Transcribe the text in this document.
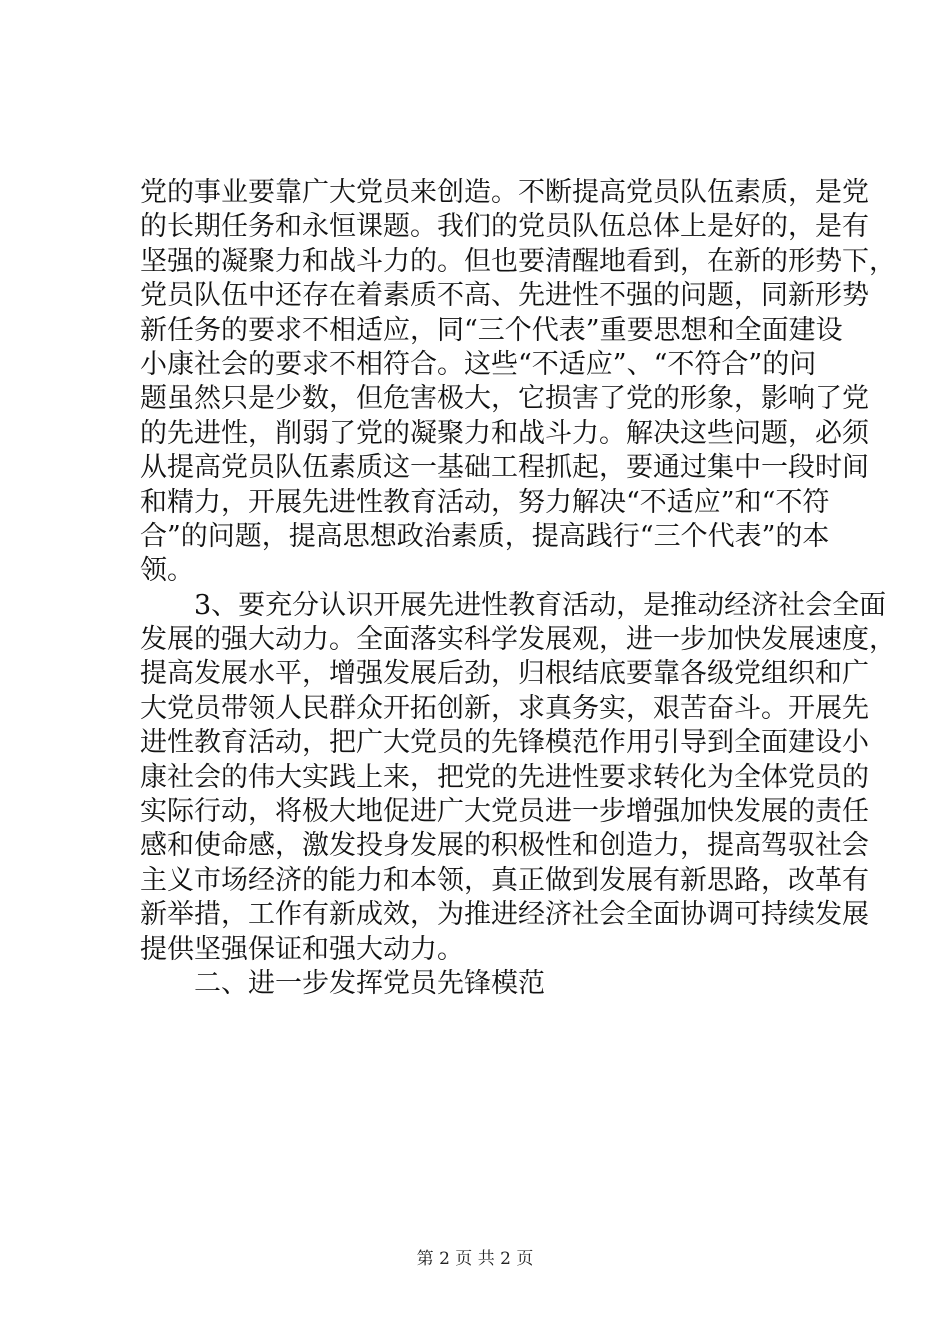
党的事业要靠广大党员来创造。不断提高党员队伍素质，是党
的长期任务和永恒课题。我们的党员队伍总体上是好的，是有
坚强的凝聚力和战斗力的。但也要清醒地看到，在新的形势下，
党员队伍中还存在着素质不高、先进性不强的问题，同新形势
新任务的要求不相适应，同“三个代表”重要思想和全面建设
小康社会的要求不相符合。这些“不适应”、“不符合”的问
题虽然只是少数，但危害极大，它损害了党的形象，影响了党
的先进性，削弱了党的凝聚力和战斗力。解决这些问题，必须
从提高党员队伍素质这一基础工程抓起，要通过集中一段时间
和精力，开展先进性教育活动，努力解决“不适应”和“不符
合”的问题，提高思想政治素质，提高践行“三个代表”的本
领。
3、要充分认识开展先进性教育活动，是推动经济社会全面
发展的强大动力。全面落实科学发展观，进一步加快发展速度，
提高发展水平，增强发展后劲，归根结底要靠各级党组织和广
大党员带领人民群众开拓创新，求真务实，艰苦奋斗。开展先
进性教育活动，把广大党员的先锋模范作用引导到全面建设小
康社会的伟大实践上来，把党的先进性要求转化为全体党员的
实际行动，将极大地促进广大党员进一步增强加快发展的责任
感和使命感，激发投身发展的积极性和创造力，提高驾驭社会
主义市场经济的能力和本领，真正做到发展有新思路，改革有
新举措，工作有新成效，为推进经济社会全面协调可持续发展
提供坚强保证和强大动力。
二、进一步发挥党员先锋模范
第 2 页 共 2 页
